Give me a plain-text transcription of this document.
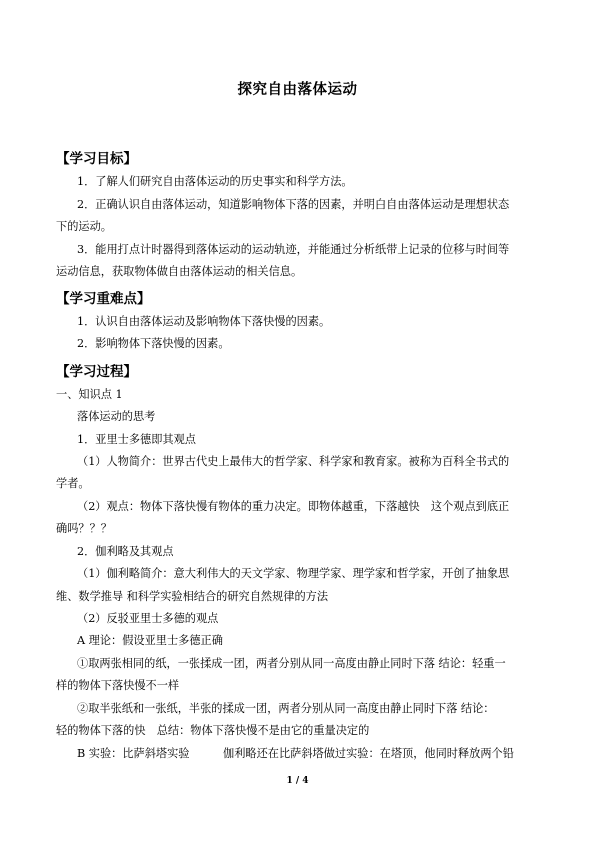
探究自由落体运动
【学习目标】
1．了解人们研究自由落体运动的历史事实和科学方法。
2．正确认识自由落体运动，知道影响物体下落的因素，并明白自由落体运动是理想状态
下的运动。
3．能用打点计时器得到落体运动的运动轨迹，并能通过分析纸带上记录的位移与时间等
运动信息，获取物体做自由落体运动的相关信息。
【学习重难点】
1．认识自由落体运动及影响物体下落快慢的因素。
2．影响物体下落快慢的因素。
【学习过程】
一、知识点 1
落体运动的思考
1．亚里士多德即其观点
（1）人物简介：世界古代史上最伟大的哲学家、科学家和教育家。被称为百科全书式的
学者。
（2）观点：物体下落快慢有物体的重力决定。即物体越重，下落越快　这个观点到底正
确吗？？？
2．伽利略及其观点
（1）伽利略简介：意大利伟大的天文学家、物理学家、理学家和哲学家，开创了抽象思
维、数学推导 和科学实验相结合的研究自然规律的方法
（2）反驳亚里士多德的观点
A 理论：假设亚里士多德正确
①取两张相同的纸，一张揉成一团，两者分别从同一高度由静止同时下落 结论：轻重一
样的物体下落快慢不一样
②取半张纸和一张纸，半张的揉成一团，两者分别从同一高度由静止同时下落 结论：
轻的物体下落的快　总结：物体下落快慢不是由它的重量决定的
B 实验：比萨斜塔实验　　　伽利略还在比萨斜塔做过实验：在塔顶，他同时释放两个铅
1 / 4
